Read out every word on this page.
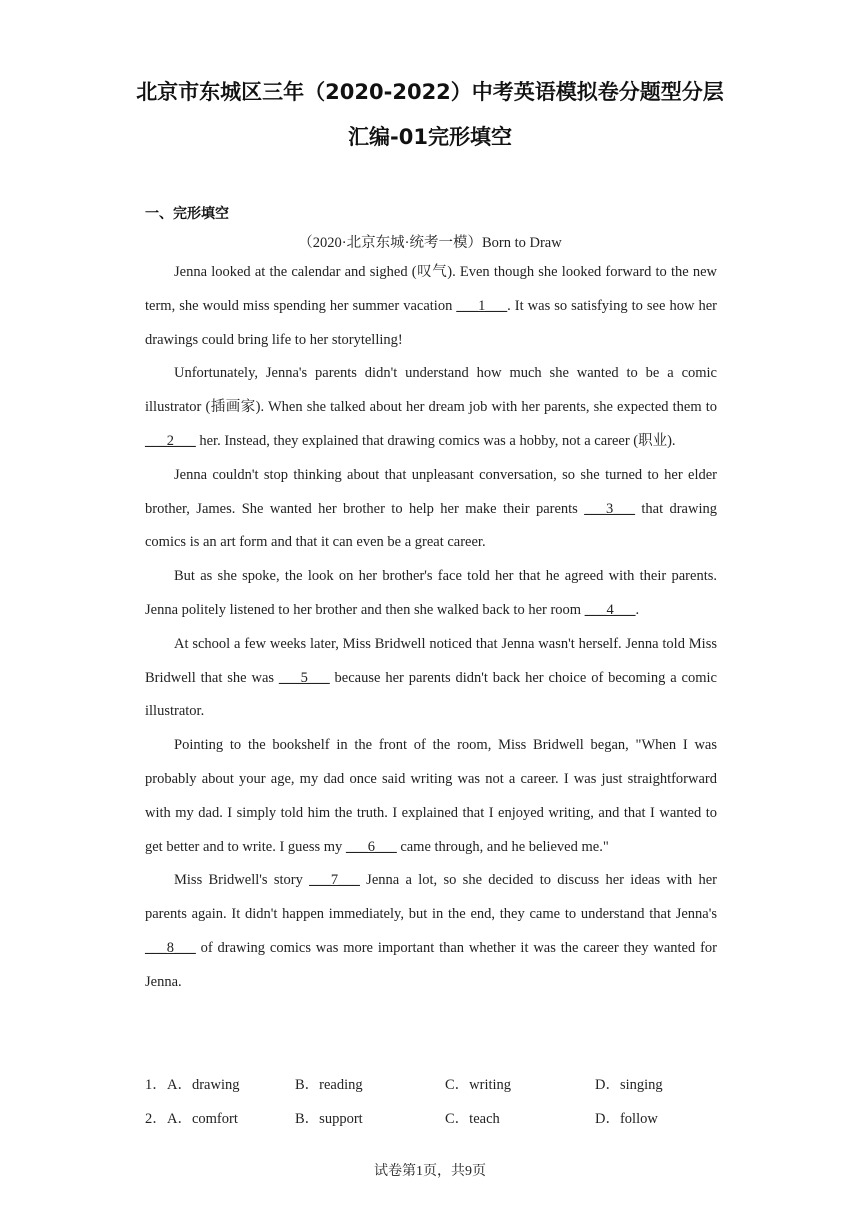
北京市东城区三年（2020-2022）中考英语模拟卷分题型分层
汇编-01完形填空
一、完形填空
（2020·北京东城·统考一模）Born to Draw

Jenna looked at the calendar and sighed (叹气). Even though she looked forward to the new term, she would miss spending her summer vacation ___1___. It was so satisfying to see how her drawings could bring life to her storytelling!

Unfortunately, Jenna's parents didn't understand how much she wanted to be a comic illustrator (插画家). When she talked about her dream job with her parents, she expected them to ___2___ her. Instead, they explained that drawing comics was a hobby, not a career (职业).

Jenna couldn't stop thinking about that unpleasant conversation, so she turned to her elder brother, James. She wanted her brother to help her make their parents ___3___ that drawing comics is an art form and that it can even be a great career.

But as she spoke, the look on her brother's face told her that he agreed with their parents. Jenna politely listened to her brother and then she walked back to her room ___4___.

At school a few weeks later, Miss Bridwell noticed that Jenna wasn't herself. Jenna told Miss Bridwell that she was ___5___ because her parents didn't back her choice of becoming a comic illustrator.

Pointing to the bookshelf in the front of the room, Miss Bridwell began, "When I was probably about your age, my dad once said writing was not a career. I was just straightforward with my dad. I simply told him the truth. I explained that I enjoyed writing, and that I wanted to get better and to write. I guess my ___6___ came through, and he believed me."

Miss Bridwell's story ___7___ Jenna a lot, so she decided to discuss her ideas with her parents again. It didn't happen immediately, but in the end, they came to understand that Jenna's ___8___ of drawing comics was more important than whether it was the career they wanted for Jenna.

1． A．drawing	B．reading	C．writing	D．singing
2． A．comfort	B．support	C．teach	D．follow
试卷第1页，共9页
